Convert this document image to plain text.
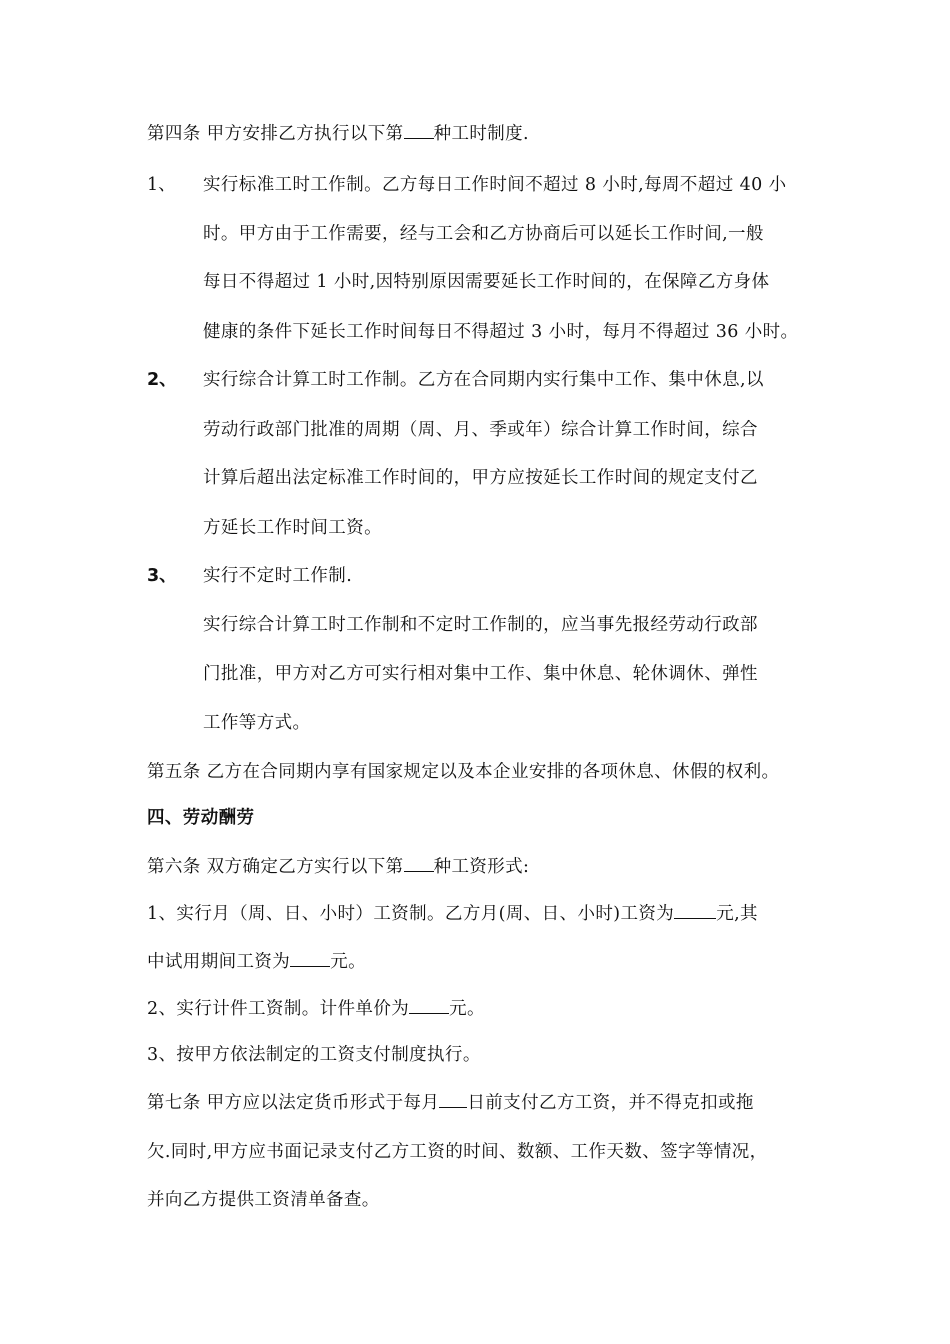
第四条 甲方安排乙方执行以下第 种工时制度.
1、 实行标准工时工作制。乙方每日工作时间不超过 8 小时,每周不超过 40 小
时。甲方由于工作需要，经与工会和乙方协商后可以延长工作时间,一般
每日不得超过 1 小时,因特别原因需要延长工作时间的，在保障乙方身体
健康的条件下延长工作时间每日不得超过 3 小时，每月不得超过 36 小时。
2、 实行综合计算工时工作制。乙方在合同期内实行集中工作、集中休息,以
劳动行政部门批准的周期（周、月、季或年）综合计算工作时间，综合
计算后超出法定标准工作时间的，甲方应按延长工作时间的规定支付乙
方延长工作时间工资。
3、 实行不定时工作制.
实行综合计算工时工作制和不定时工作制的，应当事先报经劳动行政部
门批准，甲方对乙方可实行相对集中工作、集中休息、轮休调休、弹性
工作等方式。
第五条 乙方在合同期内享有国家规定以及本企业安排的各项休息、休假的权利。
四、劳动酬劳
第六条 双方确定乙方实行以下第 种工资形式:
1、实行月（周、日、小时）工资制。乙方月(周、日、小时)工资为 元,其
中试用期间工资为 元。
2、实行计件工资制。计件单价为 元。
3、按甲方依法制定的工资支付制度执行。
第七条 甲方应以法定货币形式于每月 日前支付乙方工资，并不得克扣或拖
欠.同时,甲方应书面记录支付乙方工资的时间、数额、工作天数、签字等情况，
并向乙方提供工资清单备查。
